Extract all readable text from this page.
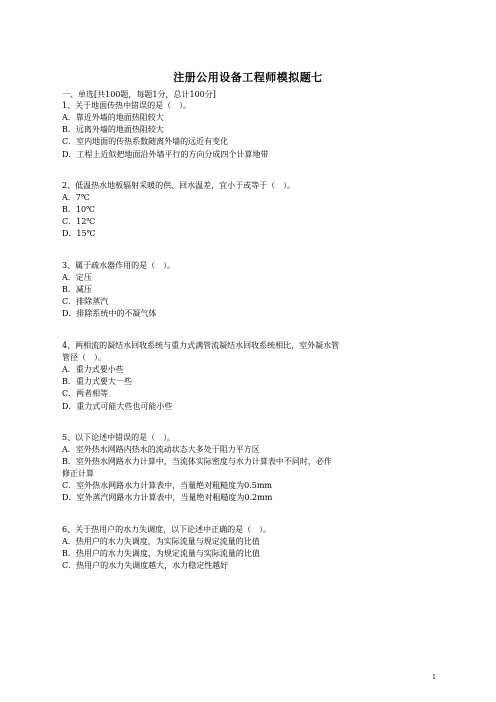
注册公用设备工程师模拟题七
一、单选[共100题，每题1分，总计100分]
1、关于地面传热中错误的是（　）。
A．靠近外墙的地面热阻较大
B．远离外墙的地面热阻较大
C．室内地面的传热系数随离外墙的远近有变化
D．工程上近似把地面沿外墙平行的方向分成四个计算地带
2、低温热水地板辐射采暖的供、回水温差，宜小于或等于（　）。
A．7℃
B．10℃
C．12℃
D．15℃
3、属于疏水器作用的是（　）。
A．定压
B．减压
C．排除蒸汽
D．排除系统中的不凝气体
4、两相流的凝结水回收系统与重力式满管流凝结水回收系统相比，室外凝水管
管径（　）。
A．重力式要小些
B．重力式要大一些
C．两者相等
D．重力式可能大些也可能小些
5、以下论述中错误的是（　）。
A．室外热水网路内热水的流动状态大多处于阻力平方区
B．室外热水网路水力计算中，当流体实际密度与水力计算表中不同时，必作
修正计算
C．室外热水网路水力计算表中，当量绝对粗糙度为0.5mm
D．室外蒸汽网路水力计算表中，当量绝对粗糙度为0.2mm
6、关于热用户的水力失调度，以下论述中正确的是（　）。
A．热用户的水力失调度，为实际流量与规定流量的比值
B．热用户的水力失调度，为规定流量与实际流量的比值
C．热用户的水力失调度越大，水力稳定性越好
1
